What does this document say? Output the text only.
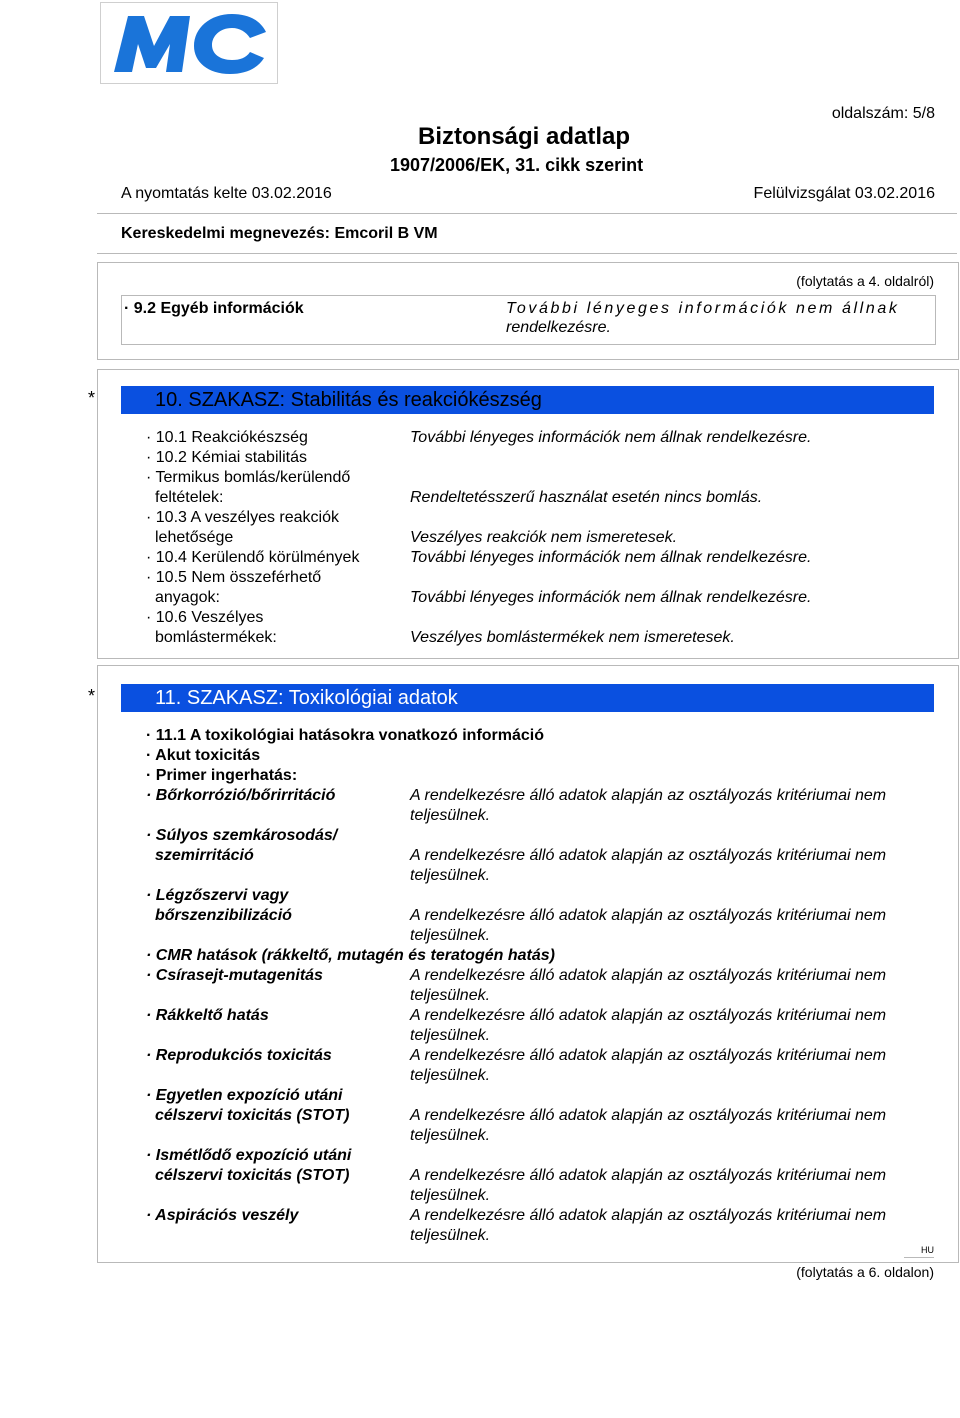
oldalszám: 5/8
Biztonsági adatlap
1907/2006/EK, 31. cikk szerint
A nyomtatás kelte 03.02.2016	Felülvizsgálat 03.02.2016
Kereskedelmi megnevezés: Emcoril B VM
(folytatás a 4. oldalról)
· 9.2 Egyéb információk	További lényeges információk nem állnak
rendelkezésre.
*	10. SZAKASZ: Stabilitás és reakciókészség
· 10.1 Reakciókészség	További lényeges információk nem állnak rendelkezésre.
· 10.2 Kémiai stabilitás
· Termikus bomlás/kerülendő
feltételek:	Rendeltetésszerű használat esetén nincs bomlás.
· 10.3 A veszélyes reakciók
lehetősége	Veszélyes reakciók nem ismeretesek.
· 10.4 Kerülendő körülmények	További lényeges információk nem állnak rendelkezésre.
· 10.5 Nem összeférhető
anyagok:	További lényeges információk nem állnak rendelkezésre.
· 10.6 Veszélyes
bomlástermékek:	Veszélyes bomlástermékek nem ismeretesek.
*	11. SZAKASZ: Toxikológiai adatok
· 11.1 A toxikológiai hatásokra vonatkozó információ
· Akut toxicitás
· Primer ingerhatás:
· Bőrkorrózió/bőrirritáció	A rendelkezésre álló adatok alapján az osztályozás kritériumai nem
teljesülnek.
· Súlyos szemkárosodás/
szemirritáció	A rendelkezésre álló adatok alapján az osztályozás kritériumai nem
teljesülnek.
· Légzőszervi vagy
bőrszenzibilizáció	A rendelkezésre álló adatok alapján az osztályozás kritériumai nem
teljesülnek.
· CMR hatások (rákkeltő, mutagén és teratogén hatás)
· Csírasejt-mutagenitás	A rendelkezésre álló adatok alapján az osztályozás kritériumai nem
teljesülnek.
· Rákkeltő hatás	A rendelkezésre álló adatok alapján az osztályozás kritériumai nem
teljesülnek.
· Reprodukciós toxicitás	A rendelkezésre álló adatok alapján az osztályozás kritériumai nem
teljesülnek.
· Egyetlen expozíció utáni
célszervi toxicitás (STOT)	A rendelkezésre álló adatok alapján az osztályozás kritériumai nem
teljesülnek.
· Ismétlődő expozíció utáni
célszervi toxicitás (STOT)	A rendelkezésre álló adatok alapján az osztályozás kritériumai nem
teljesülnek.
· Aspirációs veszély	A rendelkezésre álló adatok alapján az osztályozás kritériumai nem
teljesülnek.
HU
(folytatás a 6. oldalon)
